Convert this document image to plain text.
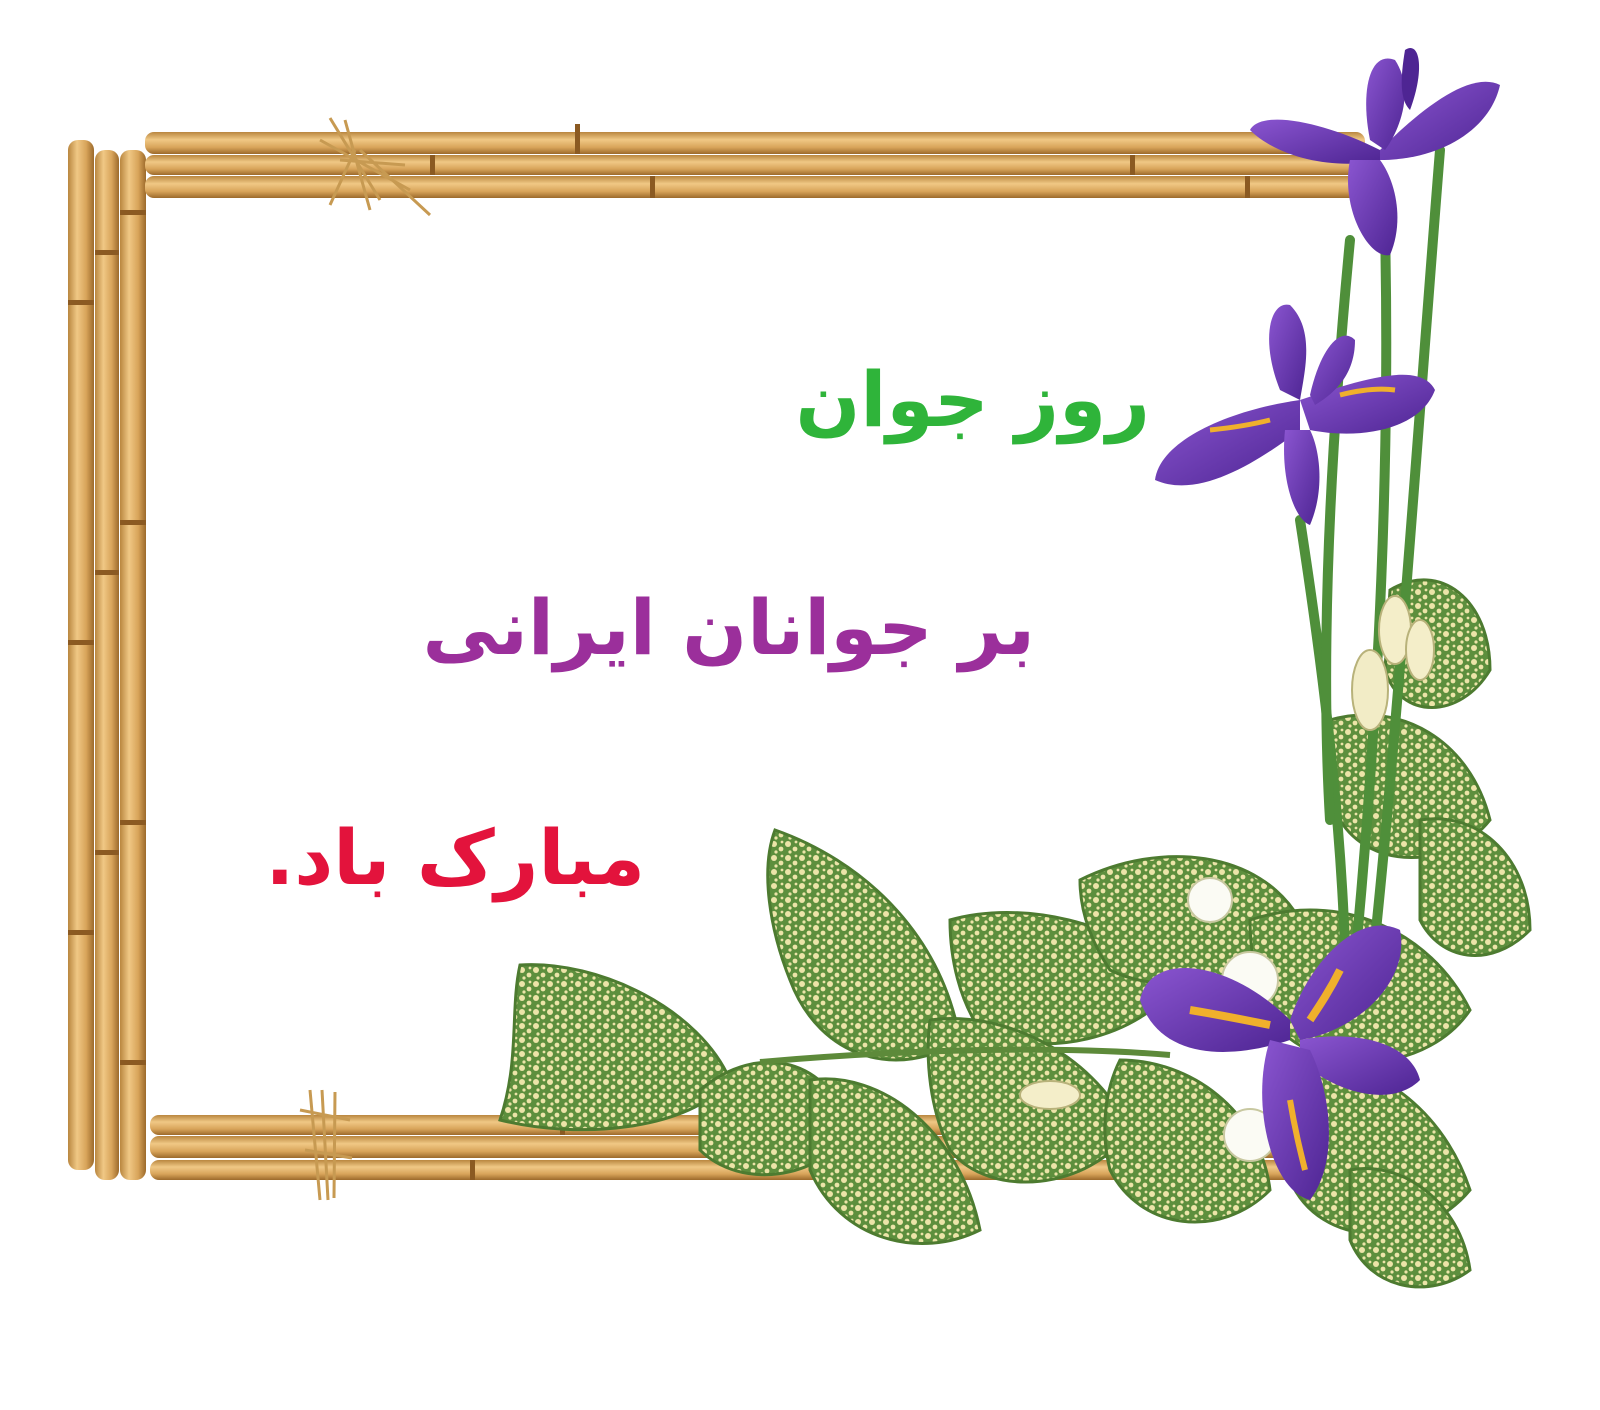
روز جوان
بر جوانان ایرانی
مبارک باد.
